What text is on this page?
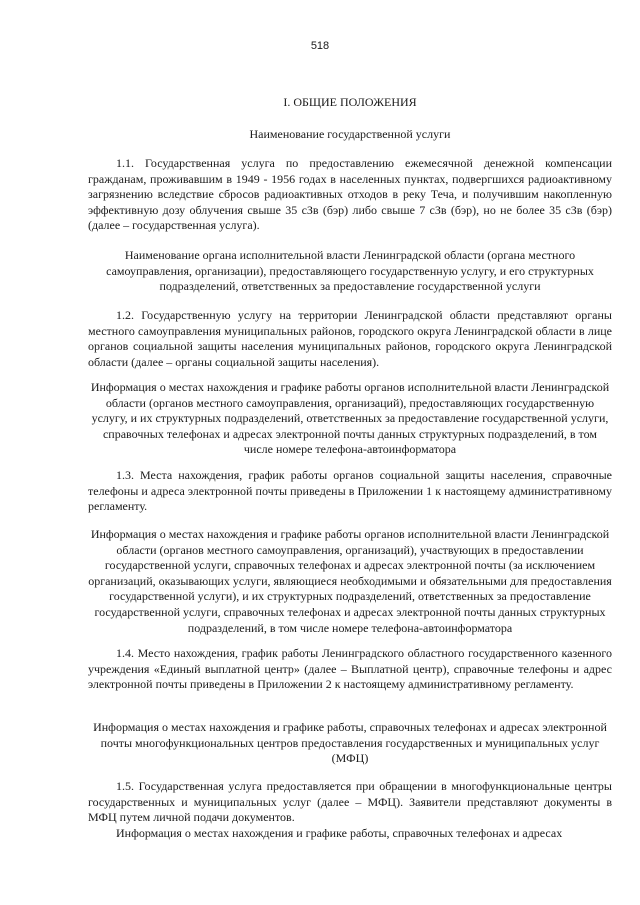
518
I. ОБЩИЕ ПОЛОЖЕНИЯ
Наименование государственной услуги
1.1. Государственная услуга по предоставлению ежемесячной денежной компенсации гражданам, проживавшим в 1949 - 1956 годах в населенных пунктах, подвергшихся радиоактивному загрязнению вследствие сбросов радиоактивных отходов в реку Теча, и получившим накопленную эффективную дозу облучения свыше 35 сЗв (бэр) либо свыше 7 сЗв (бэр), но не более 35 сЗв (бэр) (далее – государственная услуга).
Наименование органа исполнительной власти Ленинградской области (органа местного самоуправления, организации), предоставляющего государственную услугу, и его структурных подразделений, ответственных за предоставление государственной услуги
1.2. Государственную услугу на территории Ленинградской области представляют органы местного самоуправления муниципальных районов, городского округа Ленинградской области в лице органов социальной защиты населения муниципальных районов, городского округа Ленинградской области (далее – органы социальной защиты населения).
Информация о местах нахождения и графике работы органов исполнительной власти Ленинградской области (органов местного самоуправления, организаций), предоставляющих государственную услугу, и их структурных подразделений, ответственных за предоставление государственной услуги, справочных телефонах и адресах электронной почты данных структурных подразделений, в том числе номере телефона-автоинформатора
1.3. Места нахождения, график работы органов социальной защиты населения, справочные телефоны и адреса электронной почты приведены в Приложении 1 к настоящему административному регламенту.
Информация о местах нахождения и графике работы органов исполнительной власти Ленинградской области (органов местного самоуправления, организаций), участвующих в предоставлении государственной услуги, справочных телефонах и адресах электронной почты (за исключением организаций, оказывающих услуги, являющиеся необходимыми и обязательными для предоставления государственной услуги), и их структурных подразделений, ответственных за предоставление государственной услуги, справочных телефонах и адресах электронной почты данных структурных подразделений, в том числе номере телефона-автоинформатора
1.4. Место нахождения, график работы Ленинградского областного государственного казенного учреждения «Единый выплатной центр» (далее – Выплатной центр), справочные телефоны и адрес электронной почты приведены в Приложении 2 к настоящему административному регламенту.
Информация о местах нахождения и графике работы, справочных телефонах и адресах электронной почты многофункциональных центров предоставления государственных и муниципальных услуг (МФЦ)
1.5. Государственная услуга предоставляется при обращении в многофункциональные центры государственных и муниципальных услуг (далее – МФЦ). Заявители представляют документы в МФЦ путем личной подачи документов.
Информация о местах нахождения и графике работы, справочных телефонах и адресах
